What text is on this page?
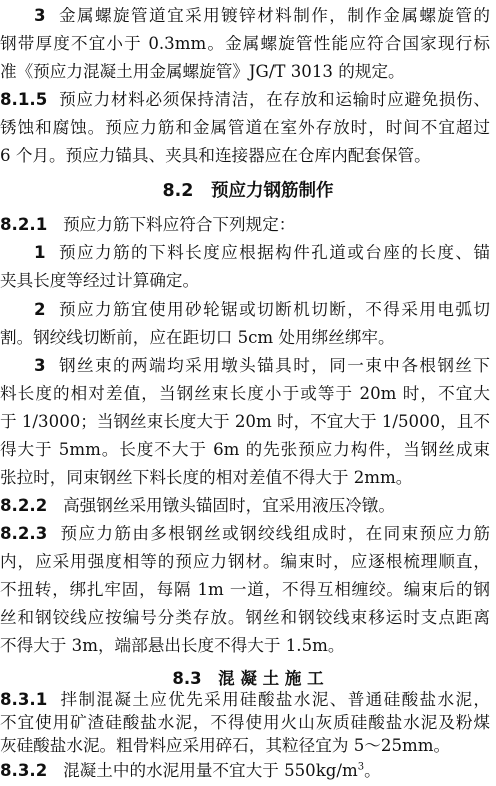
3 金属螺旋管道宜采用镀锌材料制作，制作金属螺旋管的
钢带厚度不宜小于 0.3mm。金属螺旋管性能应符合国家现行标
准《预应力混凝土用金属螺旋管》JG/T 3013 的规定。
8.1.5 预应力材料必须保持清洁，在存放和运输时应避免损伤、
锈蚀和腐蚀。预应力筋和金属管道在室外存放时，时间不宜超过
6 个月。预应力锚具、夹具和连接器应在仓库内配套保管。
8.2　预应力钢筋制作
8.2.1 预应力筋下料应符合下列规定：
1 预应力筋的下料长度应根据构件孔道或台座的长度、锚
夹具长度等经过计算确定。
2 预应力筋宜使用砂轮锯或切断机切断，不得采用电弧切
割。钢绞线切断前，应在距切口 5cm 处用绑丝绑牢。
3 钢丝束的两端均采用墩头锚具时，同一束中各根钢丝下
料长度的相对差值，当钢丝束长度小于或等于 20m 时，不宜大
于 1/3000；当钢丝束长度大于 20m 时，不宜大于 1/5000，且不
得大于 5mm。长度不大于 6m 的先张预应力构件，当钢丝成束
张拉时，同束钢丝下料长度的相对差值不得大于 2mm。
8.2.2 高强钢丝采用镦头锚固时，宜采用液压冷镦。
8.2.3 预应力筋由多根钢丝或钢绞线组成时，在同束预应力筋
内，应采用强度相等的预应力钢材。编束时，应逐根梳理顺直，
不扭转，绑扎牢固，每隔 1m 一道，不得互相缠绞。编束后的钢
丝和钢铰线应按编号分类存放。钢丝和钢铰线束移运时支点距离
不得大于 3m，端部悬出长度不得大于 1.5m。
8.3　混 凝 土 施 工
8.3.1 拌制混凝土应优先采用硅酸盐水泥、普通硅酸盐水泥，
不宜使用矿渣硅酸盐水泥，不得使用火山灰质硅酸盐水泥及粉煤
灰硅酸盐水泥。粗骨料应采用碎石，其粒径宜为 5～25mm。
8.3.2 混凝土中的水泥用量不宜大于 $550kg/m^3$。
